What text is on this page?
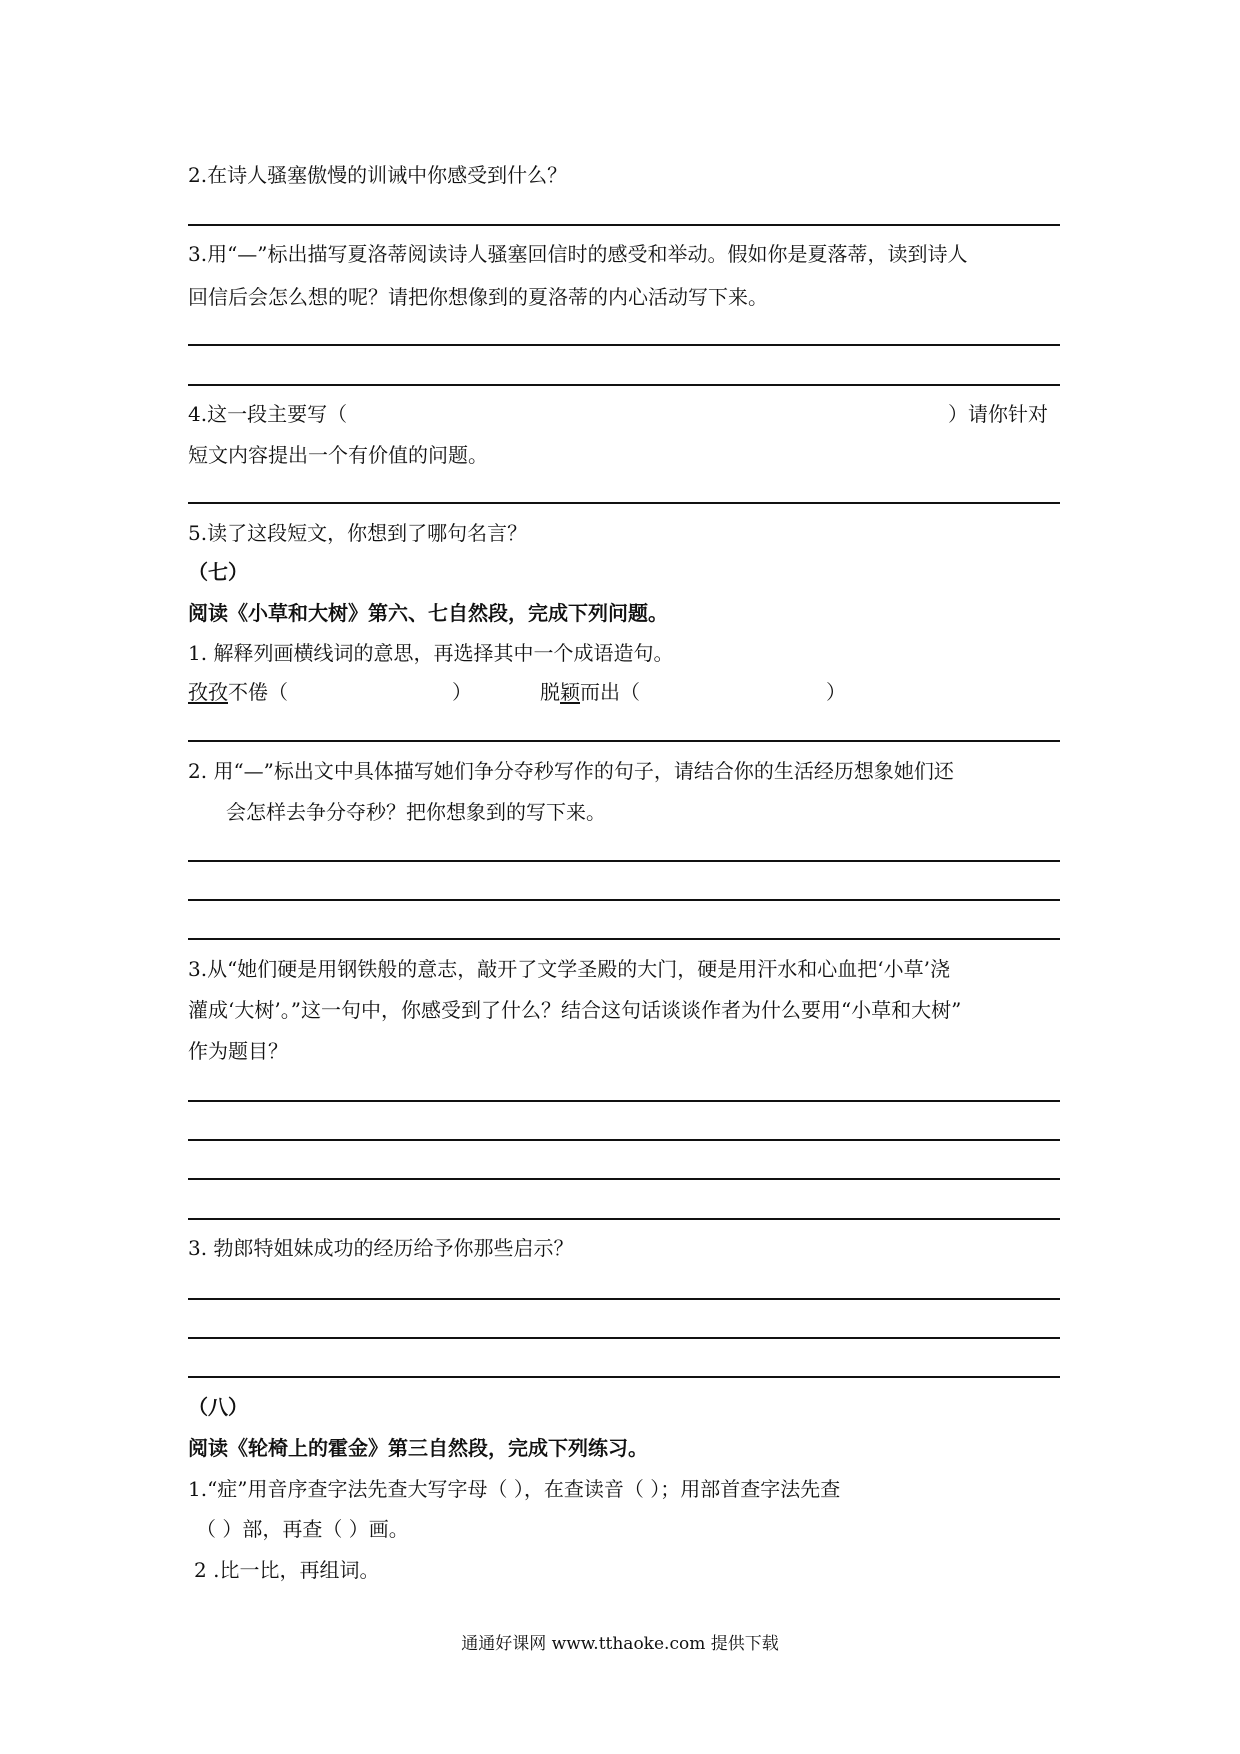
2.在诗人骚塞傲慢的训诫中你感受到什么？
3.用“—”标出描写夏洛蒂阅读诗人骚塞回信时的感受和举动。假如你是夏落蒂，读到诗人
回信后会怎么想的呢？请把你想像到的夏洛蒂的内心活动写下来。
4.这一段主要写（	）请你针对
短文内容提出一个有价值的问题。
5.读了这段短文，你想到了哪句名言？
（七）
阅读《小草和大树》第六、七自然段，完成下列问题。
1. 解释列画横线词的意思，再选择其中一个成语造句。
孜孜不倦（	）	脱颖而出（	）
2. 用“—”标出文中具体描写她们争分夺秒写作的句子，请结合你的生活经历想象她们还
会怎样去争分夺秒？把你想象到的写下来。
3.从“她们硬是用钢铁般的意志，敲开了文学圣殿的大门，硬是用汗水和心血把‘小草’浇
灌成‘大树’。”这一句中，你感受到了什么？结合这句话谈谈作者为什么要用“小草和大树”
作为题目？
3. 勃郎特姐妹成功的经历给予你那些启示？
（八）
阅读《轮椅上的霍金》第三自然段，完成下列练习。
1.“症”用音序查字法先查大写字母（ ），在查读音（ ）；用部首查字法先查
（ ）部，再查（ ）画。
2 .比一比，再组词。
通通好课网 www.tthaoke.com 提供下载
